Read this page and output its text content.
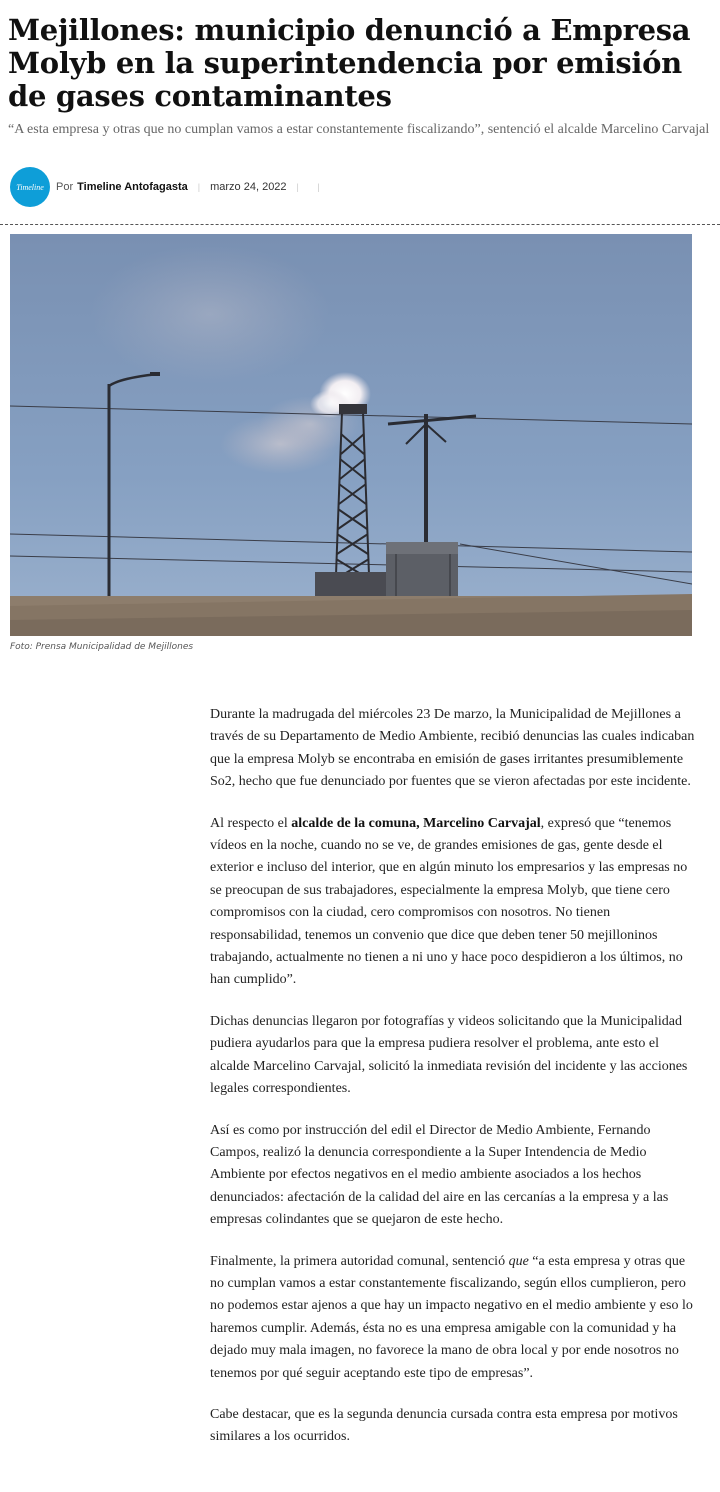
Mejillones: municipio denunció a Empresa Molyb en la superintendencia por emisión de gases contaminantes

“A esta empresa y otras que no cumplan vamos a estar constantemente fiscalizando”, sentenció el alcalde Marcelino Carvajal

Timeline Por Timeline Antofagasta | marzo 24, 2022 | |
Foto: Prensa Municipalidad de Mejillones

Durante la madrugada del miércoles 23 De marzo, la Municipalidad de Mejillones a través de su Departamento de Medio Ambiente, recibió denuncias las cuales indicaban que la empresa Molyb se encontraba en emisión de gases irritantes presumiblemente So2, hecho que fue denunciado por fuentes que se vieron afectadas por este incidente.

Al respecto el alcalde de la comuna, Marcelino Carvajal, expresó que “tenemos vídeos en la noche, cuando no se ve, de grandes emisiones de gas, gente desde el exterior e incluso del interior, que en algún minuto los empresarios y las empresas no se preocupan de sus trabajadores, especialmente la empresa Molyb, que tiene cero compromisos con la ciudad, cero compromisos con nosotros. No tienen responsabilidad, tenemos un convenio que dice que deben tener 50 mejilloninos trabajando, actualmente no tienen a ni uno y hace poco despidieron a los últimos, no han cumplido”.

Dichas denuncias llegaron por fotografías y videos solicitando que la Municipalidad pudiera ayudarlos para que la empresa pudiera resolver el problema, ante esto el alcalde Marcelino Carvajal, solicitó la inmediata revisión del incidente y las acciones legales correspondientes.

Así es como por instrucción del edil el Director de Medio Ambiente, Fernando Campos, realizó la denuncia correspondiente a la Super Intendencia de Medio Ambiente por efectos negativos en el medio ambiente asociados a los hechos denunciados: afectación de la calidad del aire en las cercanías a la empresa y a las empresas colindantes que se quejaron de este hecho.

Finalmente, la primera autoridad comunal, sentenció que “a esta empresa y otras que no cumplan vamos a estar constantemente fiscalizando, según ellos cumplieron, pero no podemos estar ajenos a que hay un impacto negativo en el medio ambiente y eso lo haremos cumplir. Además, ésta no es una empresa amigable con la comunidad y ha dejado muy mala imagen, no favorece la mano de obra local y por ende nosotros no tenemos por qué seguir aceptando este tipo de empresas”.

Cabe destacar, que es la segunda denuncia cursada contra esta empresa por motivos similares a los ocurridos.
